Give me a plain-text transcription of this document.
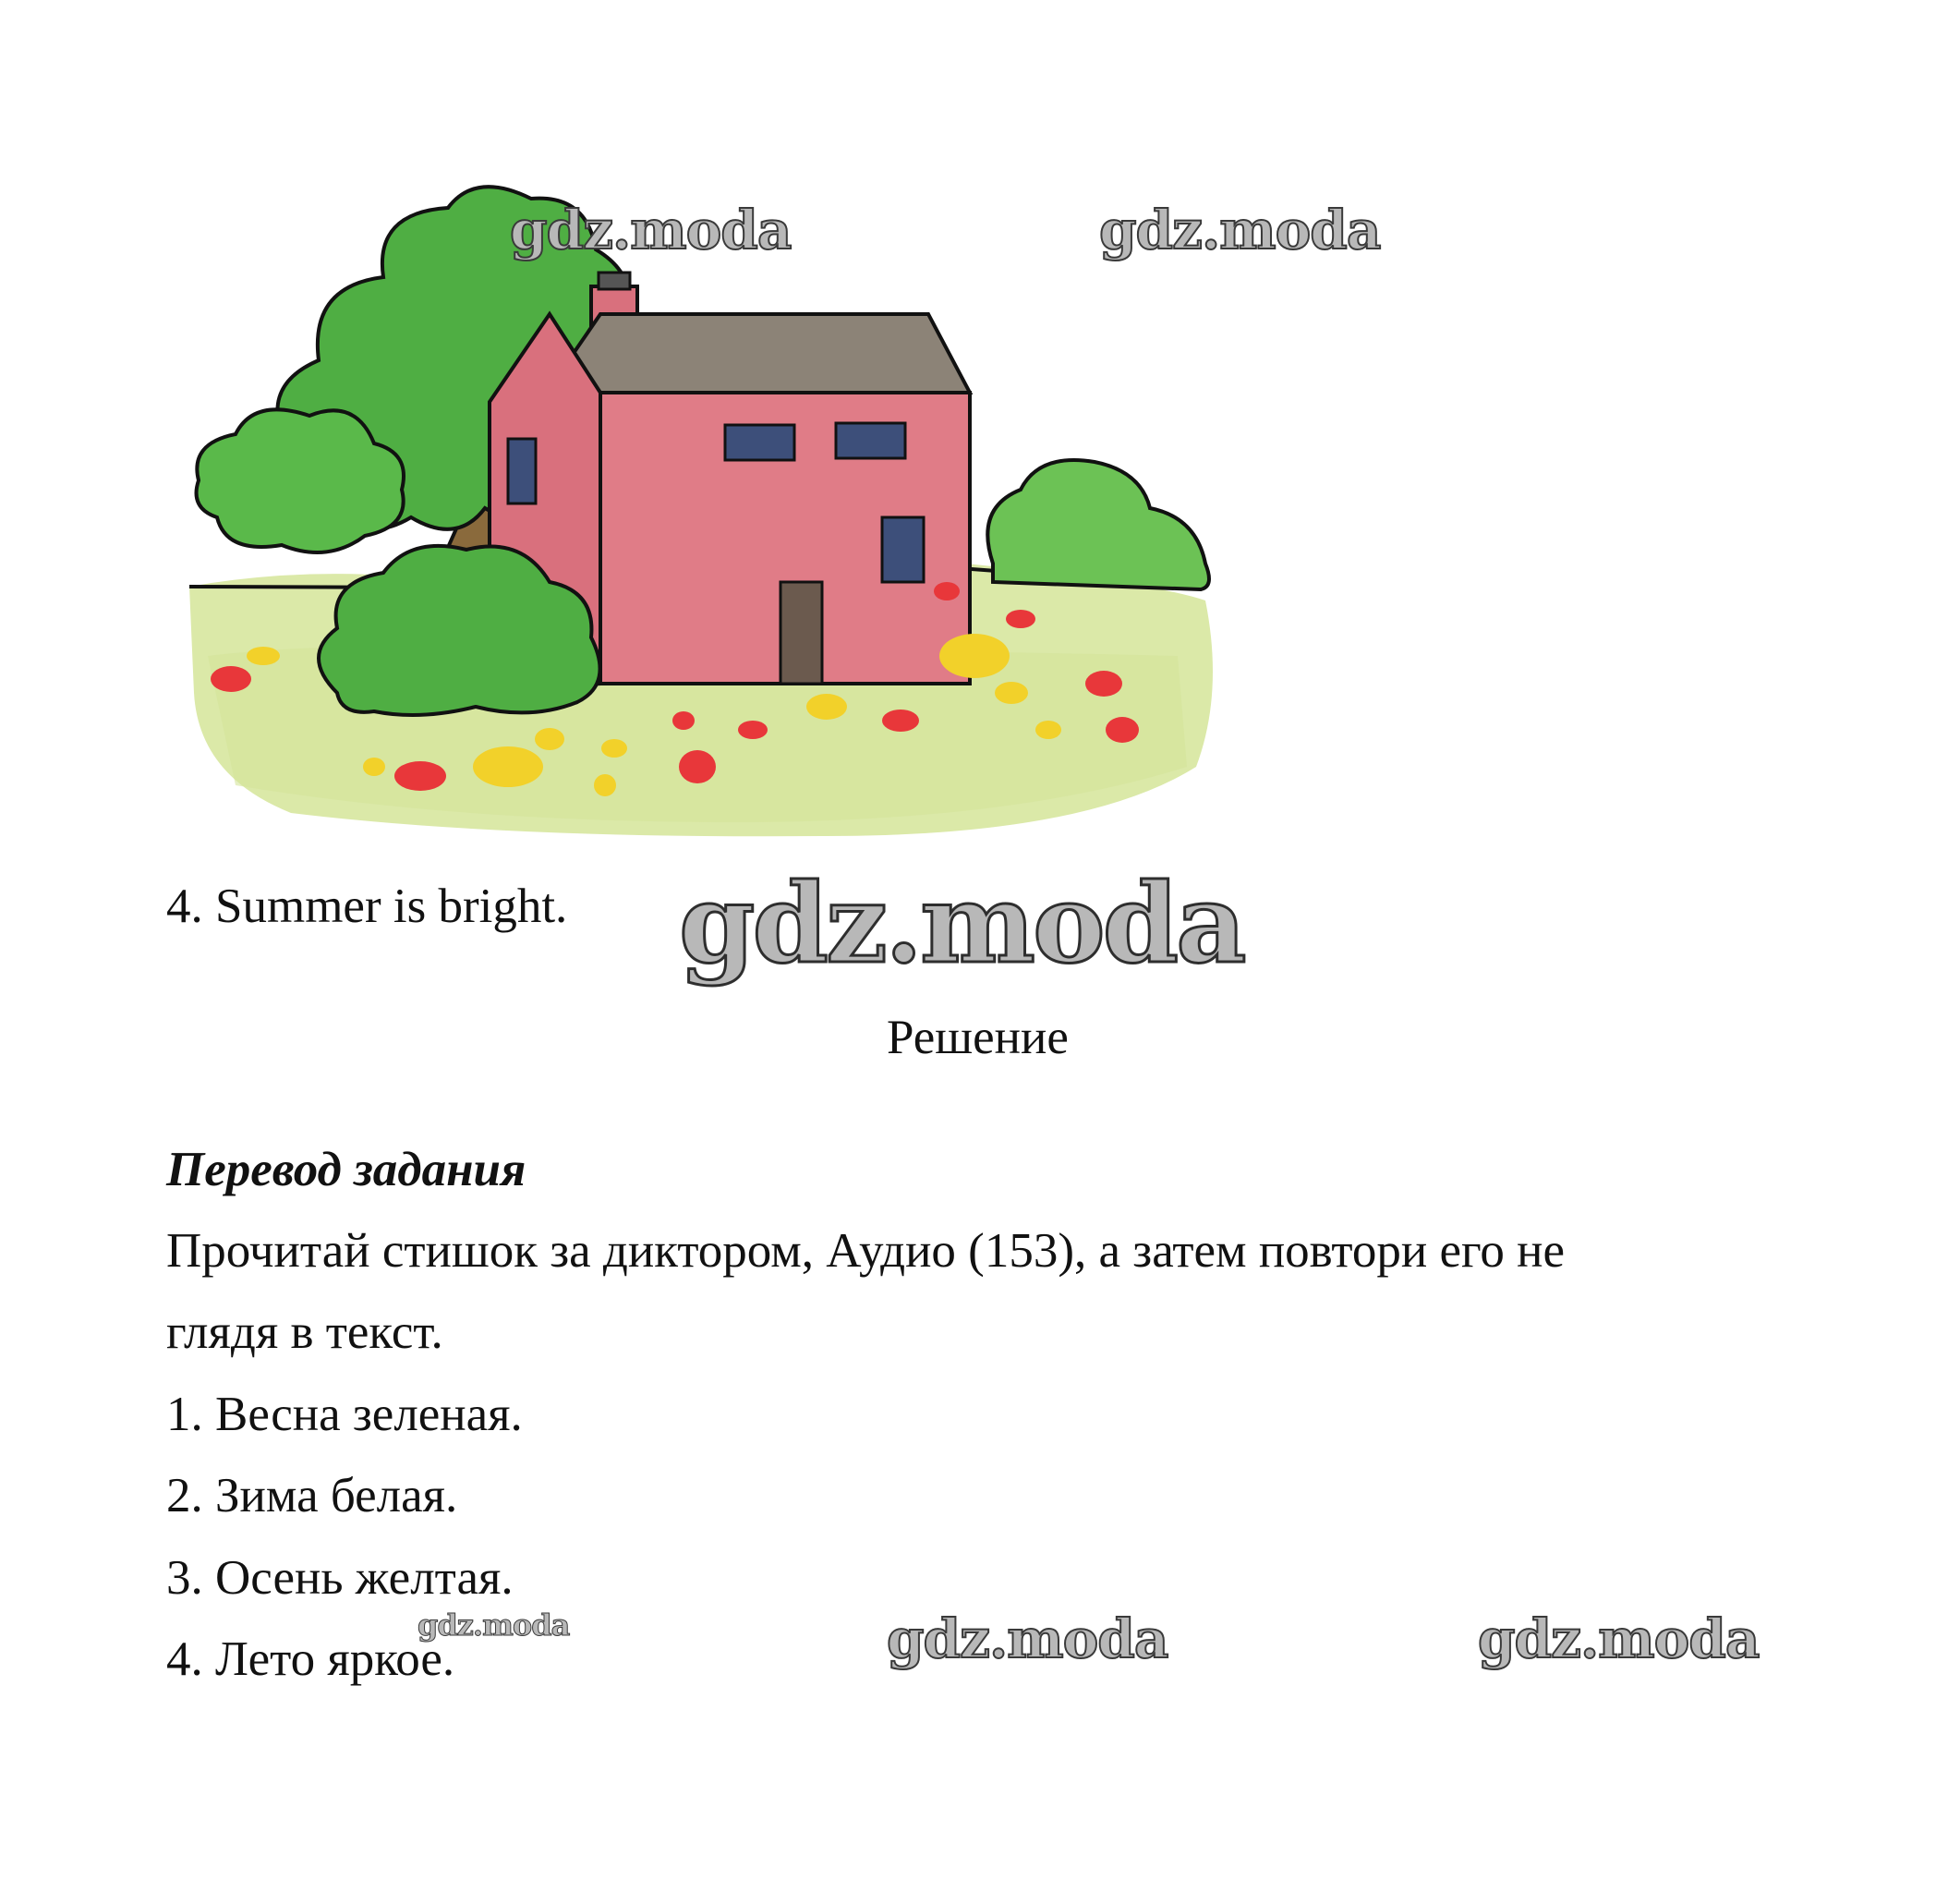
4. Summer is bright.
Решение
Перевод задания
Прочитай стишок за диктором, Аудио (153), а затем повтори его не
глядя в текст.
1. Весна зеленая.
2. Зима белая.
3. Осень желтая.
4. Лето яркое.
gdz.moda	gdz.moda
gdz.moda
gdz.moda	gdz.moda	gdz.moda
